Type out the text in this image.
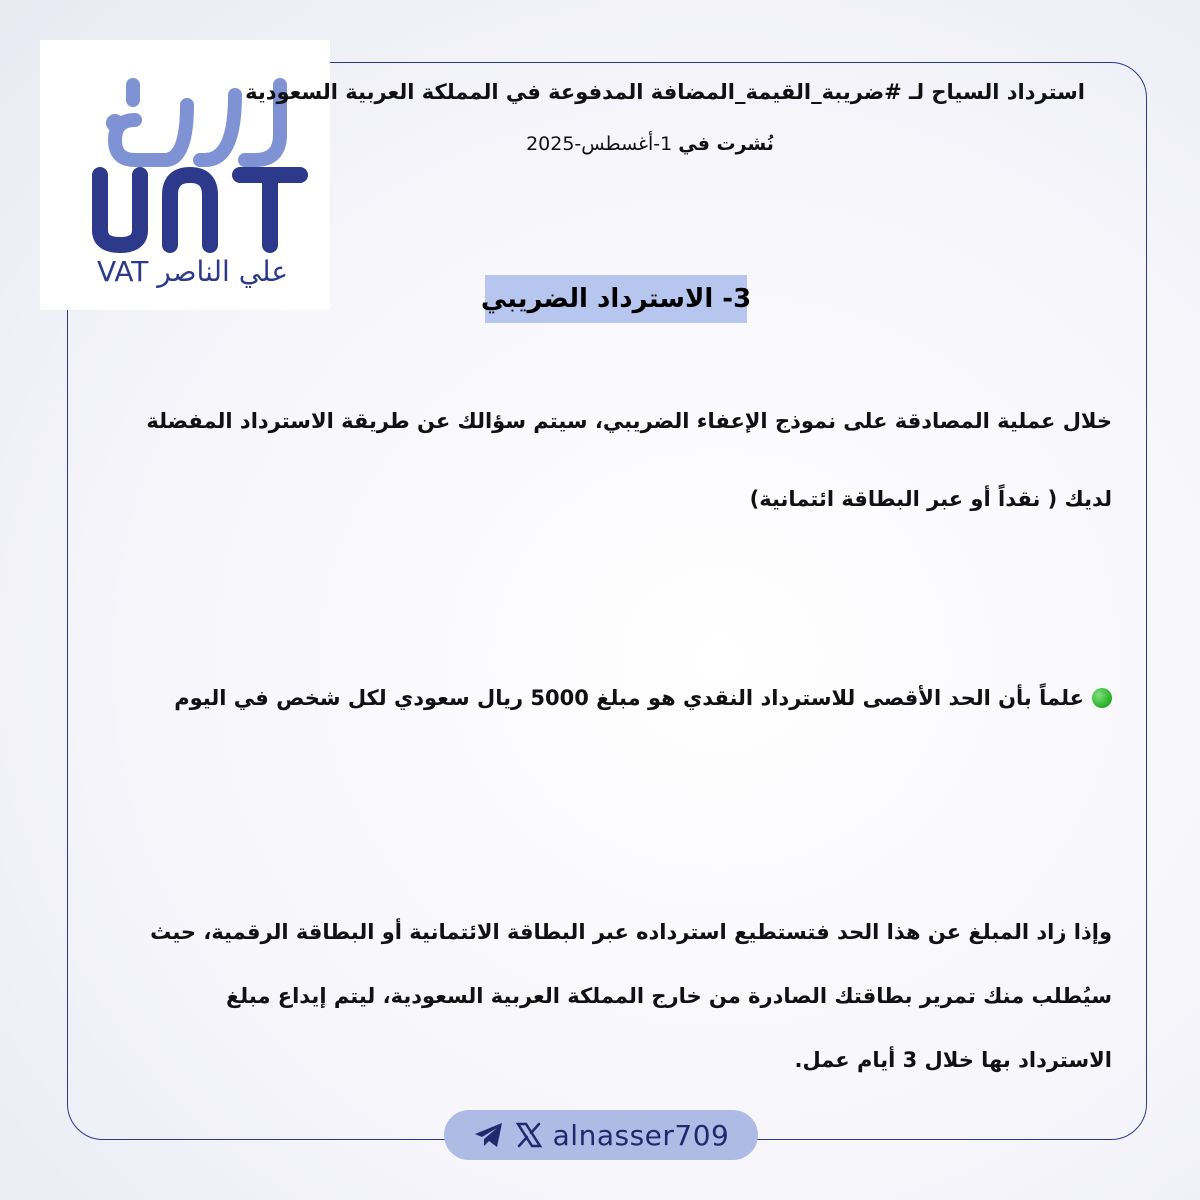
علي الناصر VAT
استرداد السياح لـ #ضريبة_القيمة_المضافة المدفوعة في المملكة العربية السعودية
نُشرت في 1-أغسطس-2025
3- الاسترداد الضريبي
خلال عملية المصادقة على نموذج الإعفاء الضريبي، سيتم سؤالك عن طريقة الاسترداد المفضلة
لديك ( نقداً أو عبر البطاقة ائتمانية)
علماً بأن الحد الأقصى للاسترداد النقدي هو مبلغ 5000 ريال سعودي لكل شخص في اليوم
وإذا زاد المبلغ عن هذا الحد فتستطيع استرداده عبر البطاقة الائتمانية أو البطاقة الرقمية، حيث
سيُطلب منك تمرير بطاقتك الصادرة من خارج المملكة العربية السعودية، ليتم إيداع مبلغ
الاسترداد بها خلال 3 أيام عمل.
alnasser709
